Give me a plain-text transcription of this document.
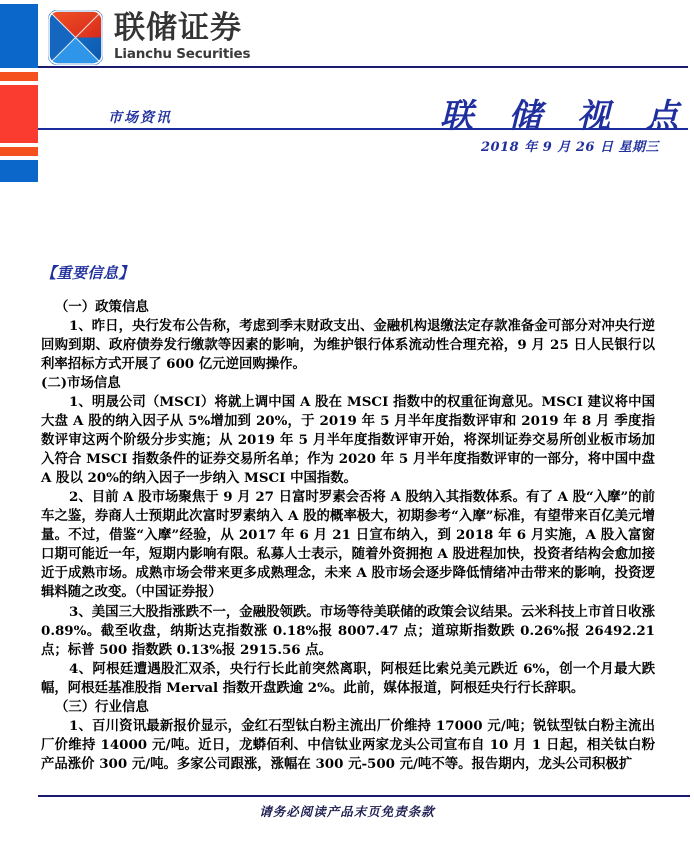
联储证券
Lianchu Securities
市场资讯	联 储 视 点
2018 年 9 月 26 日 星期三
【重要信息】
（一）政策信息
1、昨日，央行发布公告称，考虑到季末财政支出、金融机构退缴法定存款准备金可部分对冲央行逆回购到期、政府债券发行缴款等因素的影响，为维护银行体系流动性合理充裕，9 月 25 日人民银行以利率招标方式开展了 600 亿元逆回购操作。
(二)市场信息
1、明晟公司（MSCI）将就上调中国 A 股在 MSCI 指数中的权重征询意见。MSCI 建议将中国大盘 A 股的纳入因子从 5%增加到 20%，于 2019 年 5 月半年度指数评审和 2019 年 8 月 季度指数评审这两个阶级分步实施；从 2019 年 5 月半年度指数评审开始，将深圳证券交易所创业板市场加入符合 MSCI 指数条件的证券交易所名单；作为 2020 年 5 月半年度指数评审的一部分，将中国中盘 A 股以 20%的纳入因子一步纳入 MSCI 中国指数。
2、目前 A 股市场聚焦于 9 月 27 日富时罗素会否将 A 股纳入其指数体系。有了 A 股“入摩”的前车之鉴，券商人士预期此次富时罗素纳入 A 股的概率极大，初期参考“入摩”标准，有望带来百亿美元增量。不过，借鉴“入摩”经验，从 2017 年 6 月 21 日宣布纳入，到 2018 年 6 月实施，A 股入富窗口期可能近一年，短期内影响有限。私募人士表示，随着外资拥抱 A 股进程加快，投资者结构会愈加接近于成熟市场。成熟市场会带来更多成熟理念，未来 A 股市场会逐步降低情绪冲击带来的影响，投资逻辑料随之改变。（中国证券报）
3、美国三大股指涨跌不一，金融股领跌。市场等待美联储的政策会议结果。云米科技上市首日收涨 0.89%。截至收盘，纳斯达克指数涨 0.18%报 8007.47 点；道琼斯指数跌 0.26%报 26492.21 点；标普 500 指数跌 0.13%报 2915.56 点。
4、阿根廷遭遇股汇双杀，央行行长此前突然离职，阿根廷比索兑美元跌近 6%，创一个月最大跌幅，阿根廷基准股指 Merval 指数开盘跌逾 2%。此前，媒体报道，阿根廷央行行长辞职。
（三）行业信息
1、百川资讯最新报价显示，金红石型钛白粉主流出厂价维持 17000 元/吨；锐钛型钛白粉主流出厂价维持 14000 元/吨。近日，龙蟒佰利、中信钛业两家龙头公司宣布自 10 月 1 日起，相关钛白粉产品涨价 300 元/吨。多家公司跟涨，涨幅在 300 元-500 元/吨不等。报告期内，龙头公司积极扩
请务必阅读产品末页免责条款
